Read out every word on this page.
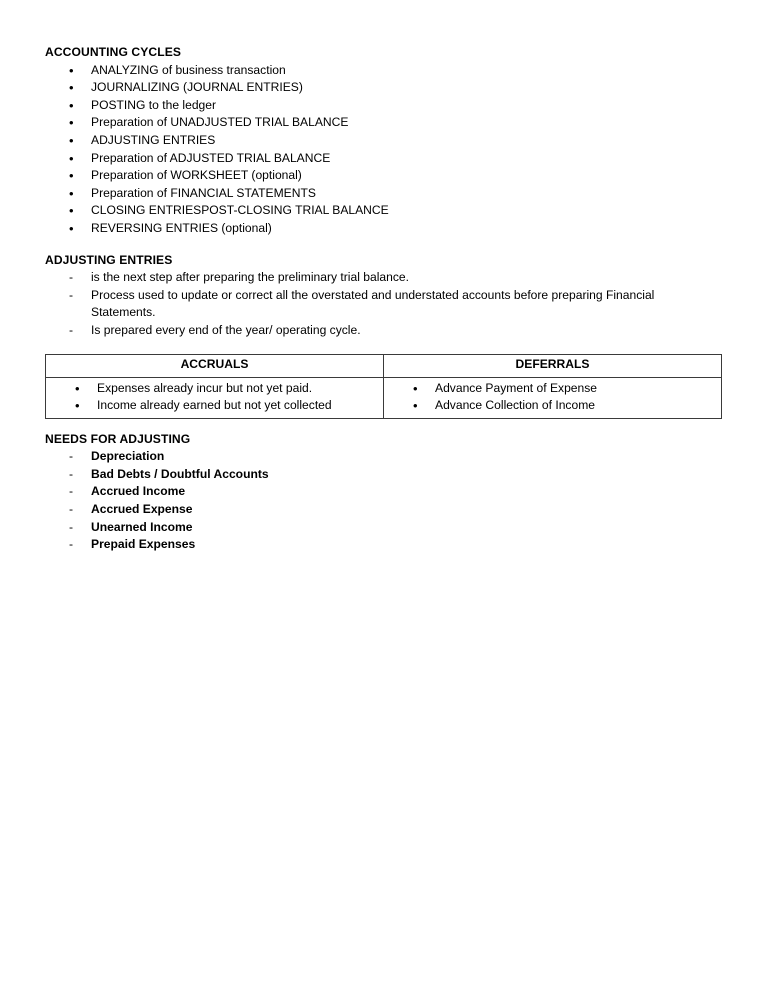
ACCOUNTING CYCLES
•	ANALYZING of business transaction
•	JOURNALIZING (JOURNAL ENTRIES)
•	POSTING to the ledger
•	Preparation of UNADJUSTED TRIAL BALANCE
•	ADJUSTING ENTRIES
•	Preparation of ADJUSTED TRIAL BALANCE
•	Preparation of WORKSHEET (optional)
•	Preparation of FINANCIAL STATEMENTS
•	CLOSING ENTRIESPOST-CLOSING TRIAL BALANCE
•	REVERSING ENTRIES (optional)
ADJUSTING ENTRIES
-	is the next step after preparing the preliminary trial balance.
-	Process used to update or correct all the overstated and understated accounts before preparing Financial Statements.
-	Is prepared every end of the year/ operating cycle.
ACCRUALS	DEFERRALS

• Expenses already incur but not yet paid.
• Income already earned but not yet collected

• Advance Payment of Expense
• Advance Collection of Income
NEEDS FOR ADJUSTING
-	Depreciation
-	Bad Debts / Doubtful Accounts
-	Accrued Income
-	Accrued Expense
-	Unearned Income
-	Prepaid Expenses
